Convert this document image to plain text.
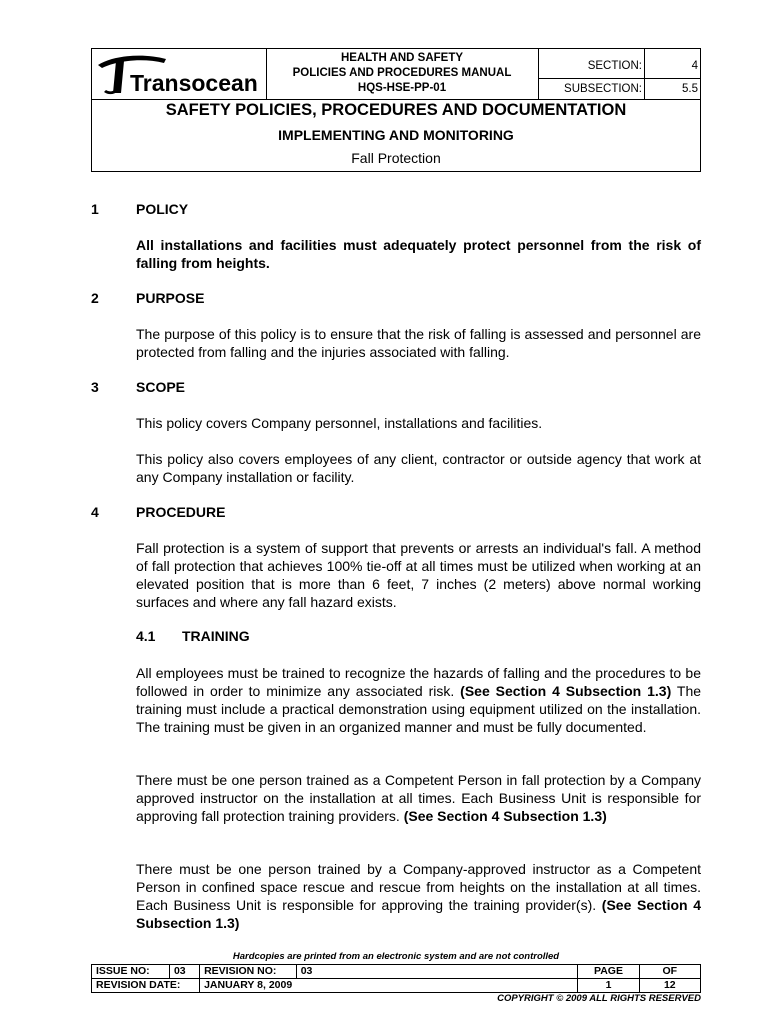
Transocean
HEALTH AND SAFETY
POLICIES AND PROCEDURES MANUAL
HQS-HSE-PP-01
SECTION:	4
SUBSECTION:	5.5
SAFETY POLICIES, PROCEDURES AND DOCUMENTATION
IMPLEMENTING AND MONITORING
Fall Protection
1	POLICY
All installations and facilities must adequately protect personnel from the risk of falling from heights.
2	PURPOSE
The purpose of this policy is to ensure that the risk of falling is assessed and personnel are protected from falling and the injuries associated with falling.
3	SCOPE
This policy covers Company personnel, installations and facilities.
This policy also covers employees of any client, contractor or outside agency that work at any Company installation or facility.
4	PROCEDURE
Fall protection is a system of support that prevents or arrests an individual's fall. A method of fall protection that achieves 100% tie-off at all times must be utilized when working at an elevated position that is more than 6 feet, 7 inches (2 meters) above normal working surfaces and where any fall hazard exists.
4.1 TRAINING
All employees must be trained to recognize the hazards of falling and the procedures to be followed in order to minimize any associated risk. (See Section 4 Subsection 1.3) The training must include a practical demonstration using equipment utilized on the installation. The training must be given in an organized manner and must be fully documented.
There must be one person trained as a Competent Person in fall protection by a Company approved instructor on the installation at all times. Each Business Unit is responsible for approving fall protection training providers. (See Section 4 Subsection 1.3)
There must be one person trained by a Company-approved instructor as a Competent Person in confined space rescue and rescue from heights on the installation at all times. Each Business Unit is responsible for approving the training provider(s). (See Section 4 Subsection 1.3)
Hardcopies are printed from an electronic system and are not controlled
ISSUE NO:	03	REVISION NO:	03	PAGE	OF
REVISION DATE:		JANUARY 8, 2009		1	12
COPYRIGHT © 2009 ALL RIGHTS RESERVED
